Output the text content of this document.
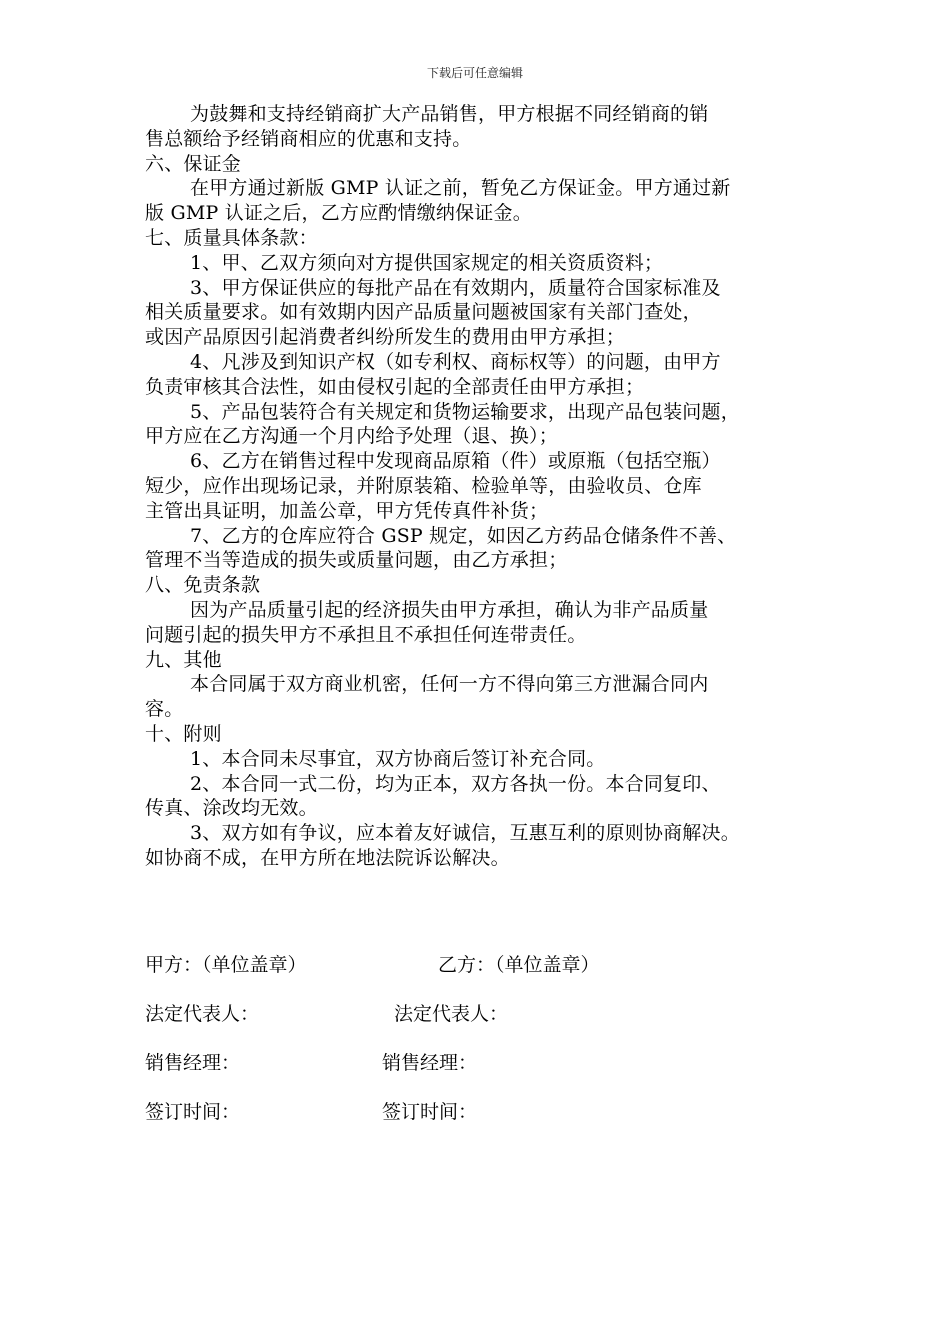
下载后可任意编辑

为鼓舞和支持经销商扩大产品销售，甲方根据不同经销商的销

售总额给予经销商相应的优惠和支持。

六、保证金

在甲方通过新版 GMP 认证之前，暂免乙方保证金。甲方通过新

版 GMP 认证之后，乙方应酌情缴纳保证金。

七、质量具体条款：

1、甲、乙双方须向对方提供国家规定的相关资质资料；

3、甲方保证供应的每批产品在有效期内，质量符合国家标准及

相关质量要求。如有效期内因产品质量问题被国家有关部门查处，

或因产品原因引起消费者纠纷所发生的费用由甲方承担；

4、凡涉及到知识产权（如专利权、商标权等）的问题，由甲方

负责审核其合法性，如由侵权引起的全部责任由甲方承担；

5、产品包装符合有关规定和货物运输要求，出现产品包装问题，

甲方应在乙方沟通一个月内给予处理（退、换）；

6、乙方在销售过程中发现商品原箱（件）或原瓶（包括空瓶）

短少，应作出现场记录，并附原装箱、检验单等，由验收员、仓库

主管出具证明，加盖公章，甲方凭传真件补货；

7、乙方的仓库应符合 GSP 规定，如因乙方药品仓储条件不善、

管理不当等造成的损失或质量问题，由乙方承担；

八、免责条款

因为产品质量引起的经济损失由甲方承担，确认为非产品质量

问题引起的损失甲方不承担且不承担任何连带责任。

九、其他

本合同属于双方商业机密，任何一方不得向第三方泄漏合同内

容。

十、附则

1、本合同未尽事宜，双方协商后签订补充合同。

2、本合同一式二份，均为正本，双方各执一份。本合同复印、

传真、涂改均无效。

3、双方如有争议，应本着友好诚信，互惠互利的原则协商解决。

如协商不成，在甲方所在地法院诉讼解决。

甲方：（单位盖章）	乙方：（单位盖章）
法定代表人：	法定代表人：
销售经理：	销售经理：
签订时间：	签订时间：
